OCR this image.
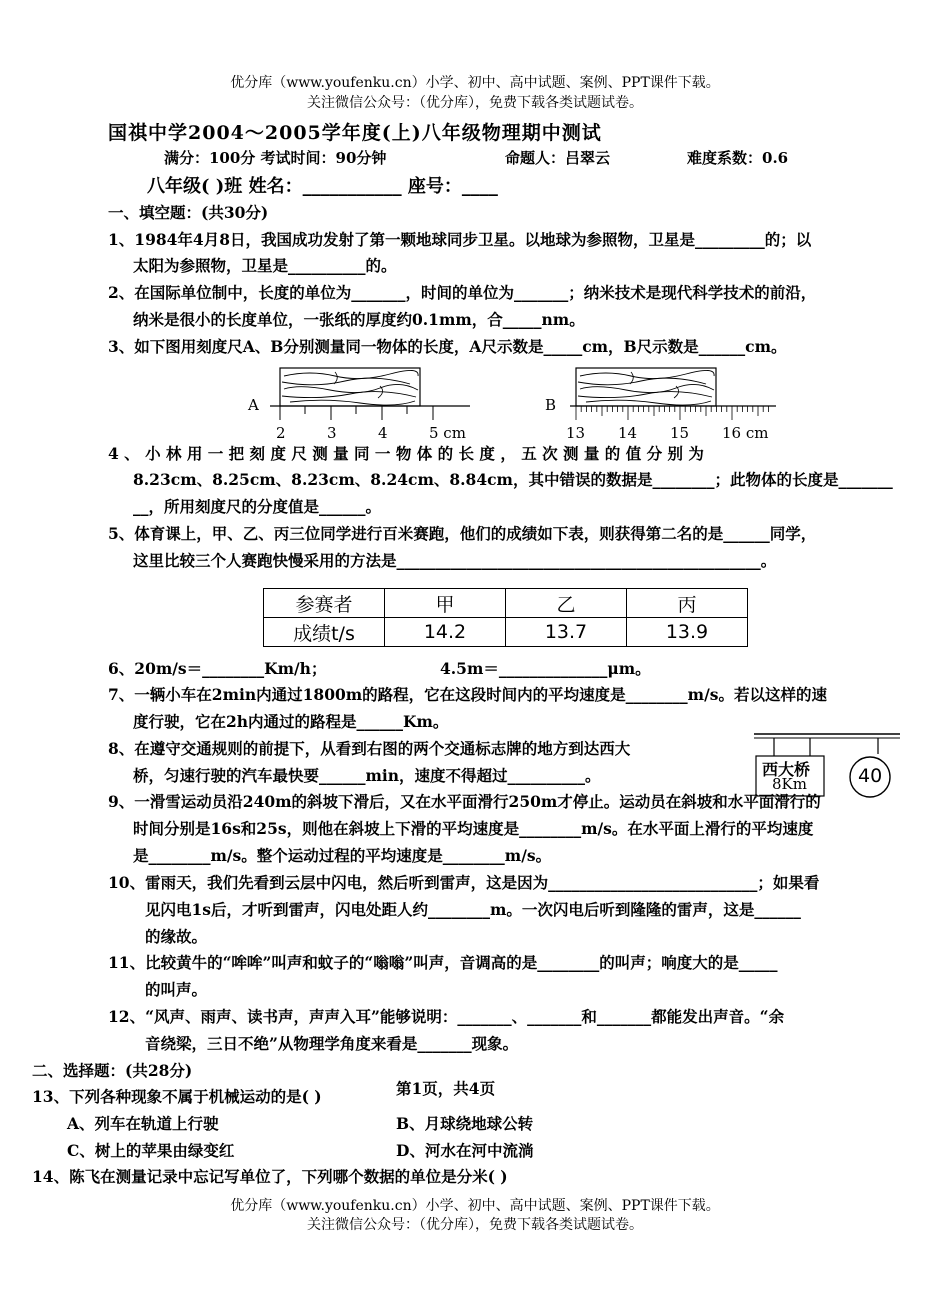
优分库（www.youfenku.cn）小学、初中、高中试题、案例、PPT课件下载。
关注微信公众号：（优分库），免费下载各类试题试卷。
国祺中学2004～2005学年度(上)八年级物理期中测试
满分：100分 考试时间：90分钟	命题人：吕翠云	难度系数：0.6
八年级( )班 姓名：___________ 座号：____
一、填空题：(共30分)
1、1984年4月8日，我国成功发射了第一颗地球同步卫星。以地球为参照物，卫星是_________的；以
太阳为参照物，卫星是__________的。
2、在国际单位制中，长度的单位为_______，时间的单位为_______；纳米技术是现代科学技术的前沿，
纳米是很小的长度单位，一张纸的厚度约0.1mm，合_____nm。
3、如下图用刻度尺A、B分别测量同一物体的长度，A尺示数是_____cm，B尺示数是______cm。
A	B
2	3	4	5 cm	13 14 15 16 cm
4 、 小 林 用 一 把 刻 度 尺 测 量 同 一 物 体 的 长 度 ， 五 次 测 量 的 值 分 别 为
8.23cm、8.25cm、8.23cm、8.24cm、8.84cm，其中错误的数据是________；此物体的长度是_______
__，所用刻度尺的分度值是______。
5、体育课上，甲、乙、丙三位同学进行百米赛跑，他们的成绩如下表，则获得第二名的是______同学，
这里比较三个人赛跑快慢采用的方法是_______________________________________________。
参赛者	甲	乙	丙
成绩t/s	14.2	13.7	13.9
6、20m/s＝________Km/h；	4.5m＝______________μm。
7、一辆小车在2min内通过1800m的路程，它在这段时间内的平均速度是________m/s。若以这样的速
度行驶，它在2h内通过的路程是______Km。
8、在遵守交通规则的前提下，从看到右图的两个交通标志牌的地方到达西大
桥，匀速行驶的汽车最快要______min，速度不得超过__________。	西大桥
8Km	40
9、一滑雪运动员沿240m的斜坡下滑后，又在水平面滑行250m才停止。运动员在斜坡和水平面滑行的
时间分别是16s和25s，则他在斜坡上下滑的平均速度是________m/s。在水平面上滑行的平均速度
是________m/s。整个运动过程的平均速度是________m/s。
10、雷雨天，我们先看到云层中闪电，然后听到雷声，这是因为___________________________；如果看
见闪电1s后，才听到雷声，闪电处距人约________m。一次闪电后听到隆隆的雷声，这是______
的缘故。
11、比较黄牛的“哞哞”叫声和蚊子的“嗡嗡”叫声，音调高的是________的叫声；响度大的是_____
的叫声。
12、“风声、雨声、读书声，声声入耳”能够说明：_______、_______和_______都能发出声音。“余
音绕梁，三日不绝”从物理学角度来看是_______现象。
二、选择题：(共28分)
13、下列各种现象不属于机械运动的是( )	第1页，共4页
A、列车在轨道上行驶	B、月球绕地球公转
C、树上的苹果由绿变红	D、河水在河中流淌
14、陈飞在测量记录中忘记写单位了，下列哪个数据的单位是分米( )
优分库（www.youfenku.cn）小学、初中、高中试题、案例、PPT课件下载。
关注微信公众号：（优分库），免费下载各类试题试卷。
